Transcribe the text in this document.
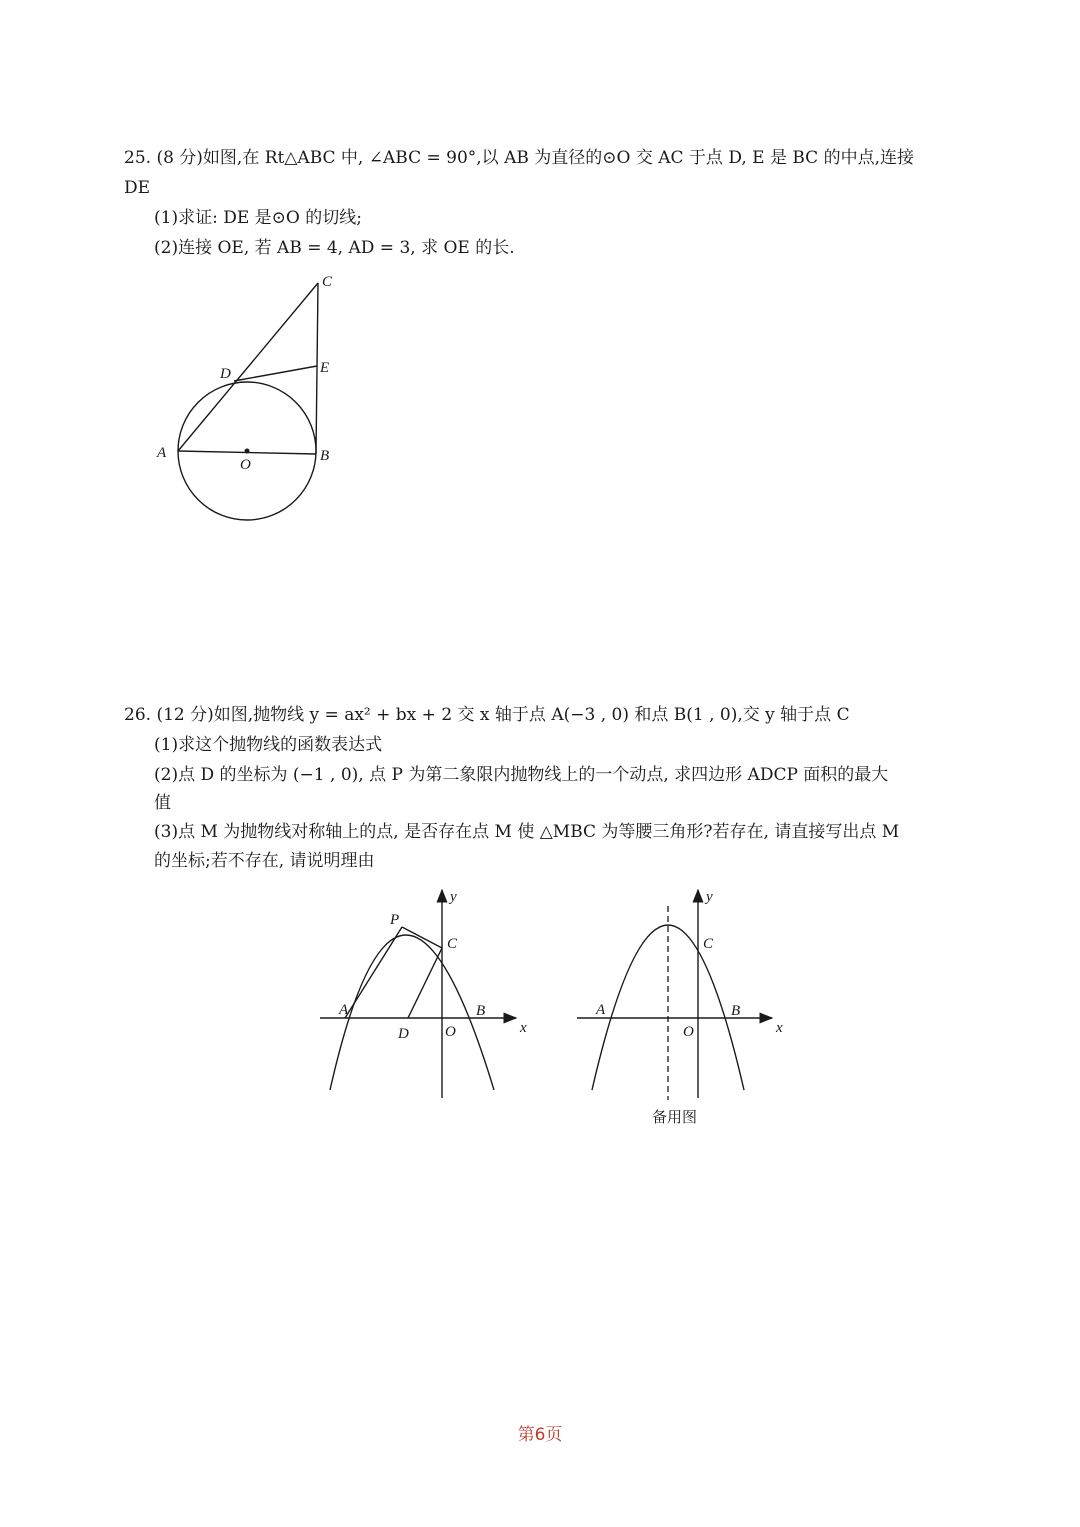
25. (8 分)如图,在 Rt△ABC 中, ∠ABC = 90°,以 AB 为直径的⊙O 交 AC 于点 D, E 是 BC 的中点,连接
DE
(1)求证: DE 是⊙O 的切线;
(2)连接 OE, 若 AB = 4, AD = 3, 求 OE 的长.
C
E
D
A
O
B
26. (12 分)如图,抛物线 y = ax² + bx + 2 交 x 轴于点 A(−3 , 0) 和点 B(1 , 0),交 y 轴于点 C
(1)求这个抛物线的函数表达式
(2)点 D 的坐标为 (−1 , 0), 点 P 为第二象限内抛物线上的一个动点, 求四边形 ADCP 面积的最大
值
(3)点 M 为抛物线对称轴上的点, 是否存在点 M 使 △MBC 为等腰三角形?若存在, 请直接写出点 M
的坐标;若不存在, 请说明理由
y
P
C
A	B
D O	x
y
C
A	B
O	x
备用图
第6页
